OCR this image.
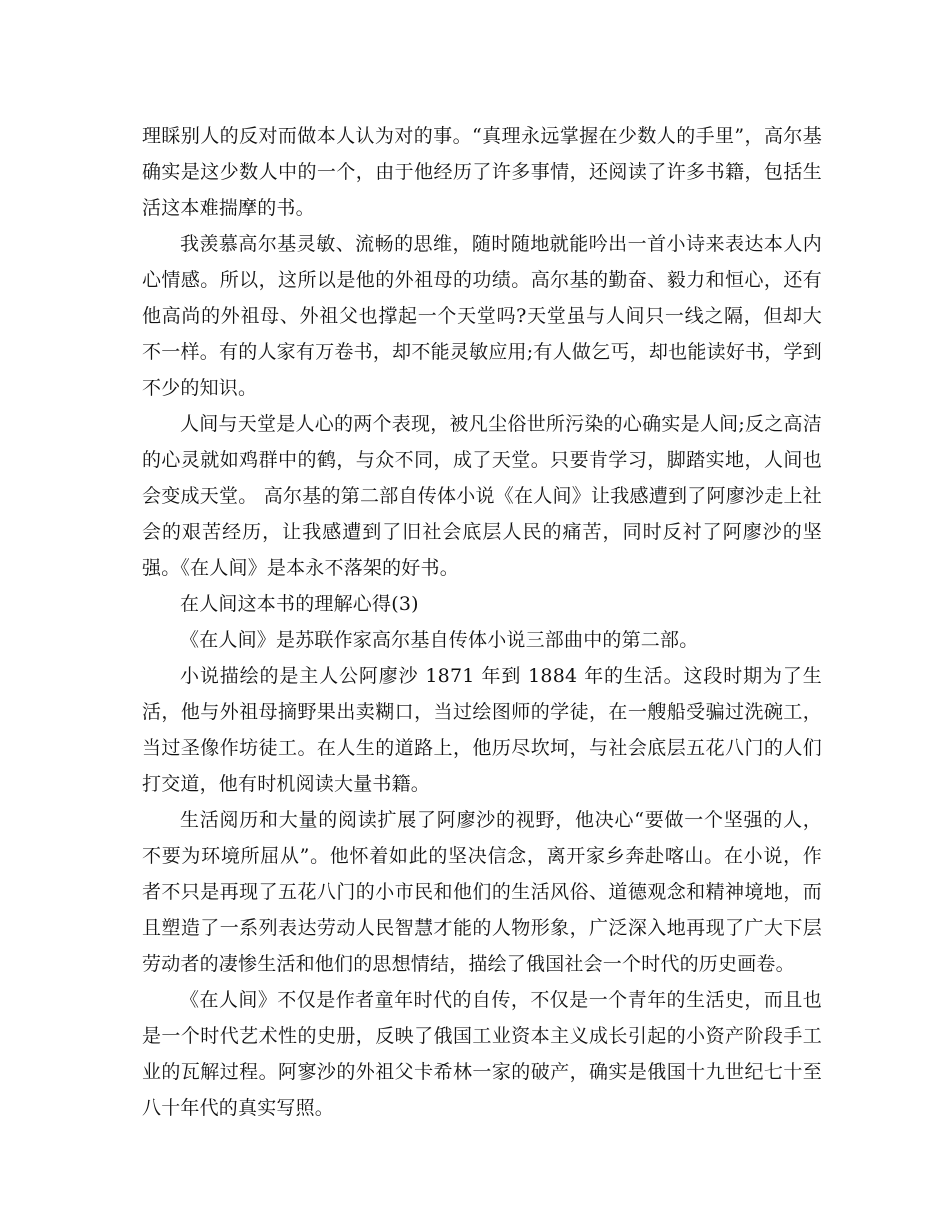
理睬别人的反对而做本人认为对的事。“真理永远掌握在少数人的手里”，高尔基确实是这少数人中的一个，由于他经历了许多事情，还阅读了许多书籍，包括生活这本难揣摩的书。

我羡慕高尔基灵敏、流畅的思维，随时随地就能吟出一首小诗来表达本人内心情感。所以，这所以是他的外祖母的功绩。高尔基的勤奋、毅力和恒心，还有他高尚的外祖母、外祖父也撑起一个天堂吗?天堂虽与人间只一线之隔，但却大不一样。有的人家有万卷书，却不能灵敏应用;有人做乞丐，却也能读好书，学到不少的知识。

人间与天堂是人心的两个表现，被凡尘俗世所污染的心确实是人间;反之高洁的心灵就如鸡群中的鹤，与众不同，成了天堂。只要肯学习，脚踏实地，人间也会变成天堂。 高尔基的第二部自传体小说《在人间》让我感遭到了阿廖沙走上社会的艰苦经历，让我感遭到了旧社会底层人民的痛苦，同时反衬了阿廖沙的坚强。《在人间》是本永不落架的好书。

在人间这本书的理解心得(3)

《在人间》是苏联作家高尔基自传体小说三部曲中的第二部。

小说描绘的是主人公阿廖沙 1871 年到 1884 年的生活。这段时期为了生活，他与外祖母摘野果出卖糊口，当过绘图师的学徒，在一艘船受骗过洗碗工，当过圣像作坊徒工。在人生的道路上，他历尽坎坷，与社会底层五花八门的人们打交道，他有时机阅读大量书籍。

生活阅历和大量的阅读扩展了阿廖沙的视野，他决心“要做一个坚强的人，不要为环境所屈从”。他怀着如此的坚决信念，离开家乡奔赴喀山。在小说，作者不只是再现了五花八门的小市民和他们的生活风俗、道德观念和精神境地，而且塑造了一系列表达劳动人民智慧才能的人物形象，广泛深入地再现了广大下层劳动者的凄惨生活和他们的思想情结，描绘了俄国社会一个时代的历史画卷。

《在人间》不仅是作者童年时代的自传，不仅是一个青年的生活史，而且也是一个时代艺术性的史册，反映了俄国工业资本主义成长引起的小资产阶段手工业的瓦解过程。阿寥沙的外祖父卡希林一家的破产，确实是俄国十九世纪七十至八十年代的真实写照。
